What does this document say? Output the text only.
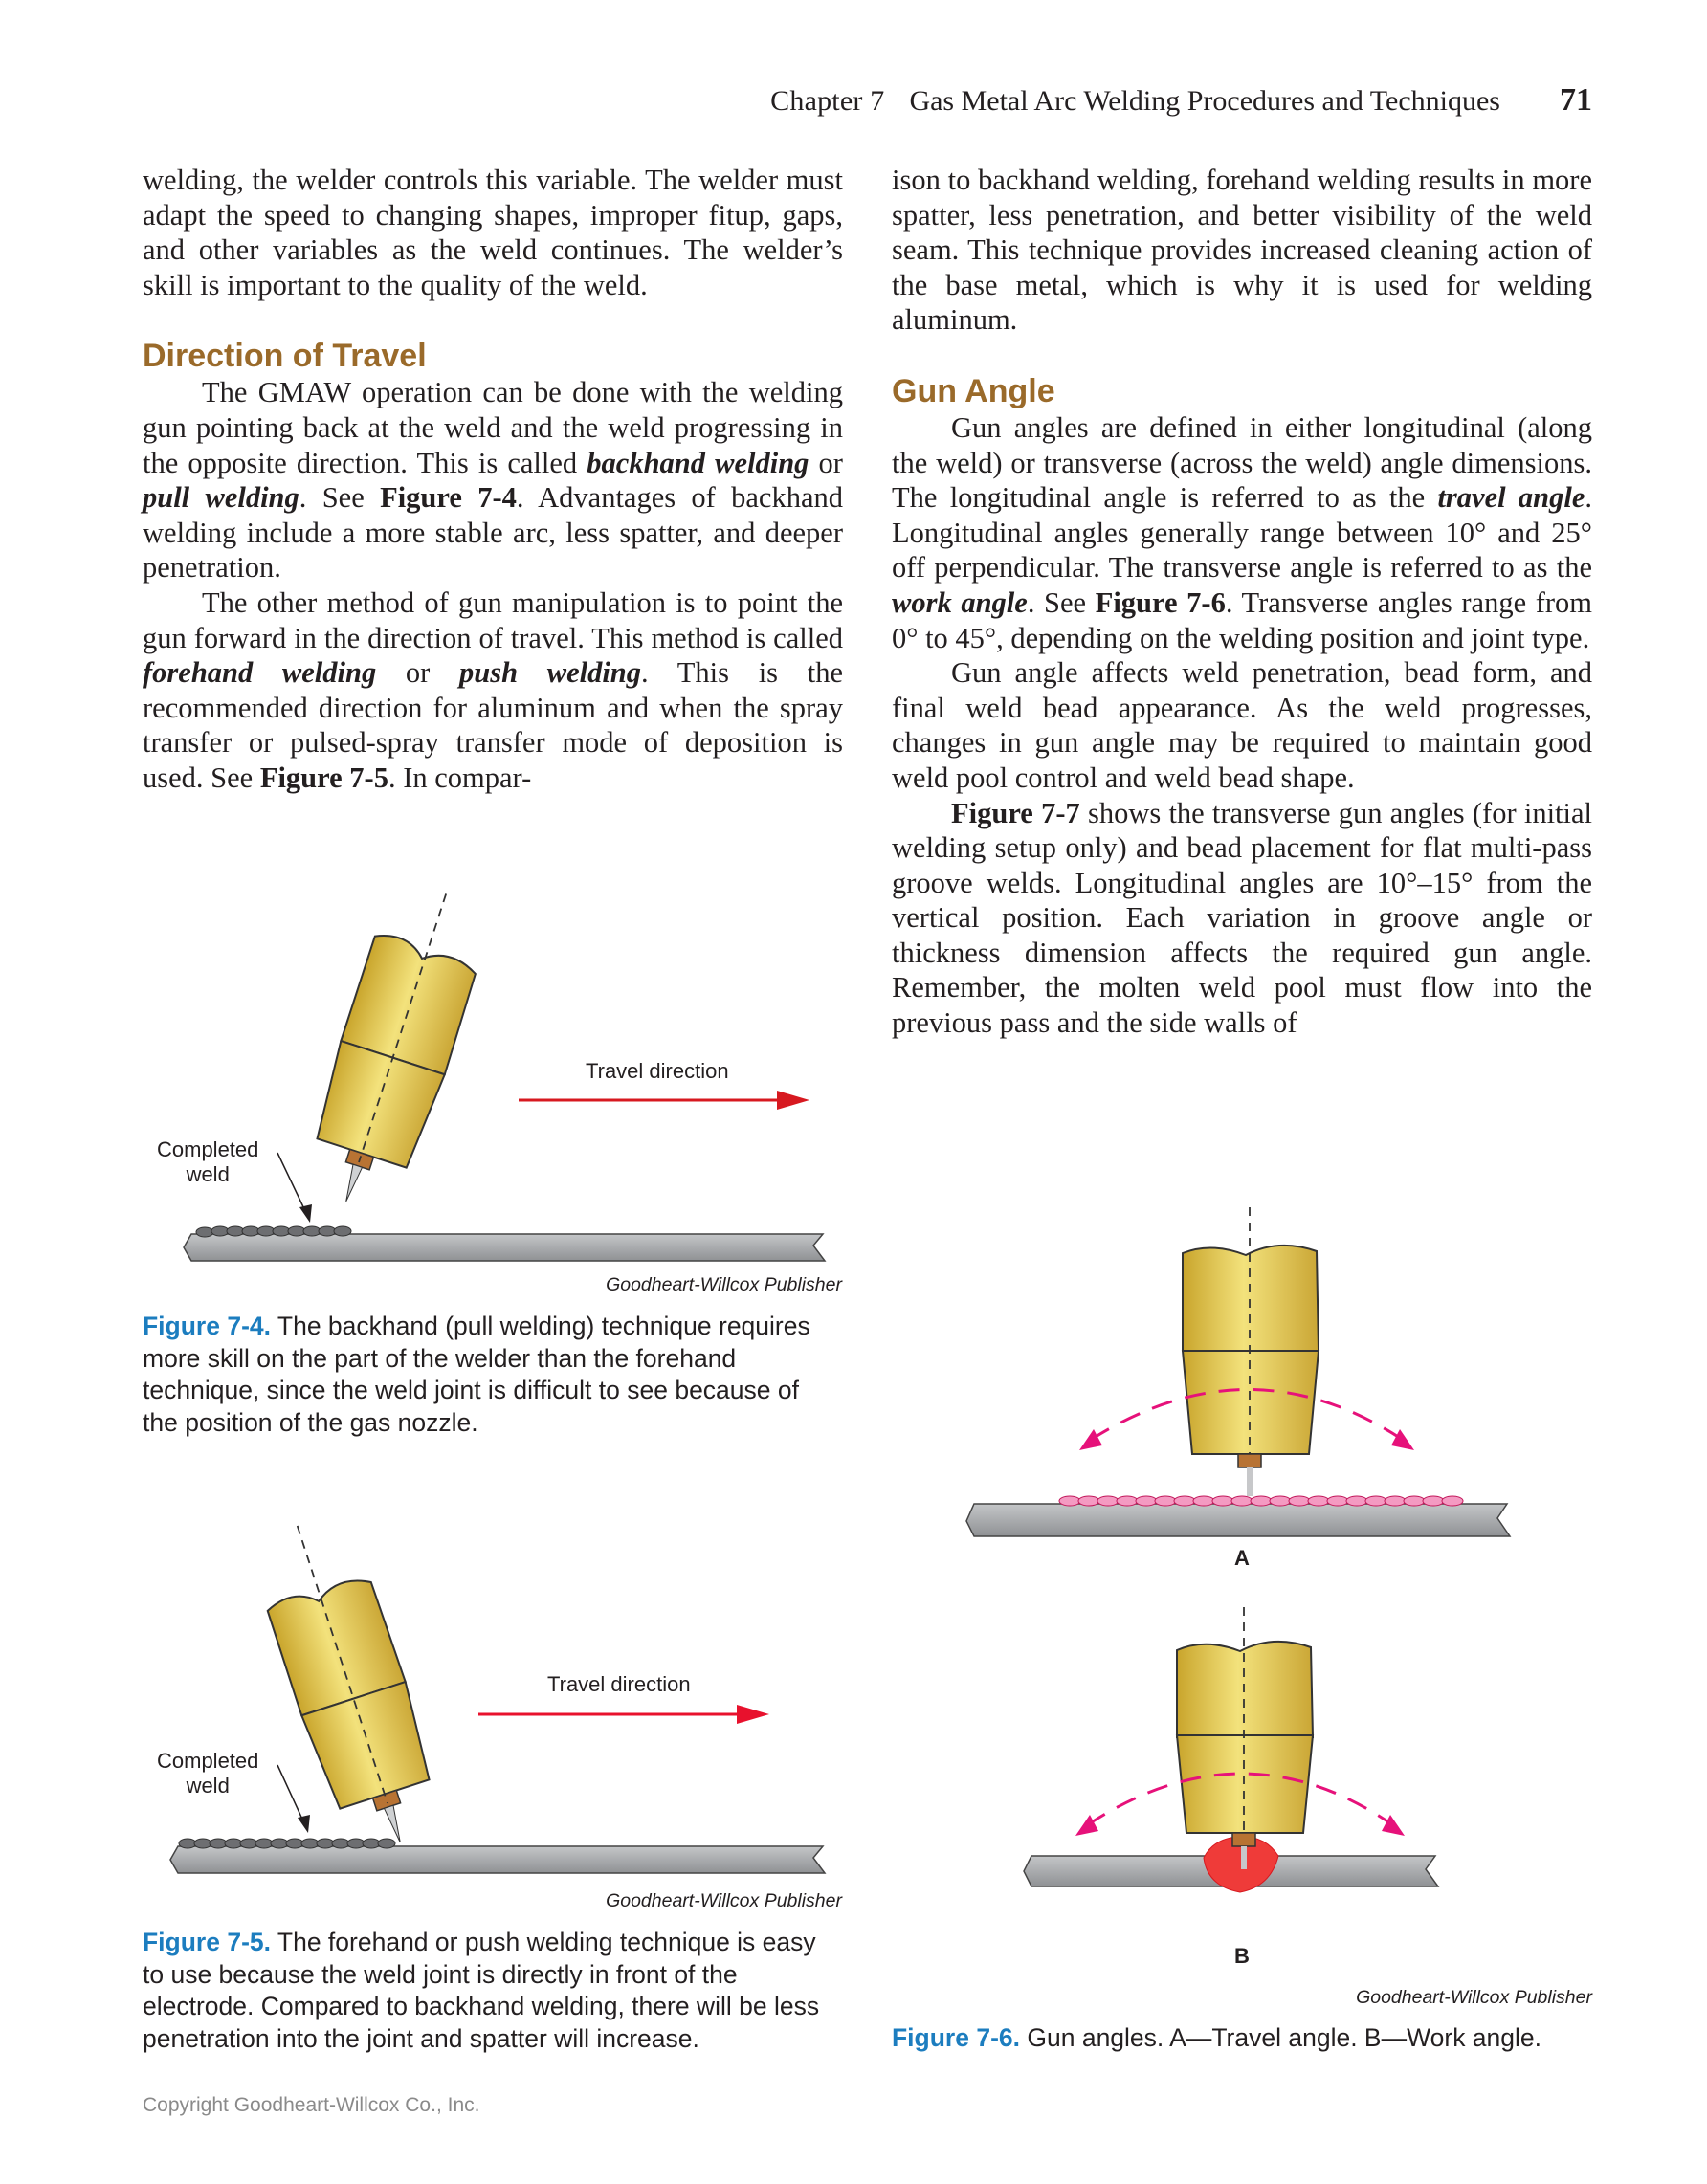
Chapter 7 Gas Metal Arc Welding Procedures and Techniques 71

welding, the welder controls this variable. The welder must adapt the speed to changing shapes, improper fitup, gaps, and other variables as the weld continues. The welder’s skill is important to the quality of the weld.

Direction of Travel

The GMAW operation can be done with the welding gun pointing back at the weld and the weld progressing in the opposite direction. This is called backhand welding or pull welding. See Figure 7-4. Advantages of backhand welding include a more stable arc, less spatter, and deeper penetration.

The other method of gun manipulation is to point the gun forward in the direction of travel. This method is called forehand welding or push welding. This is the recommended direction for aluminum and when the spray transfer or pulsed-spray transfer mode of deposition is used. See Figure 7-5. In compar-

ison to backhand welding, forehand welding results in more spatter, less penetration, and better visibility of the weld seam. This technique provides increased cleaning action of the base metal, which is why it is used for welding aluminum.

Gun Angle

Gun angles are defined in either longitudinal (along the weld) or transverse (across the weld) angle dimensions. The longitudinal angle is referred to as the travel angle. Longitudinal angles generally range between 10° and 25° off perpendicular. The transverse angle is referred to as the work angle. See Figure 7-6. Transverse angles range from 0° to 45°, depending on the welding position and joint type.

Gun angle affects weld penetration, bead form, and final weld bead appearance. As the weld progresses, changes in gun angle may be required to maintain good weld pool control and weld bead shape.

Figure 7-7 shows the transverse gun angles (for initial welding setup only) and bead placement for flat multi-pass groove welds. Longitudinal angles are 10°–15° from the vertical position. Each variation in groove angle or thickness dimension affects the required gun angle. Remember, the molten weld pool must flow into the previous pass and the side walls of

Travel direction
Completed
weld
Goodheart-Willcox Publisher
Figure 7-4. The backhand (pull welding) technique requires more skill on the part of the welder than the forehand technique, since the weld joint is difficult to see because of the position of the gas nozzle.
Travel direction
Completed
weld
Goodheart-Willcox Publisher
Figure 7-5. The forehand or push welding technique is easy to use because the weld joint is directly in front of the electrode. Compared to backhand welding, there will be less penetration into the joint and spatter will increase.
A
B
Goodheart-Willcox Publisher
Figure 7-6. Gun angles. A—Travel angle. B—Work angle.
Copyright Goodheart-Willcox Co., Inc.
